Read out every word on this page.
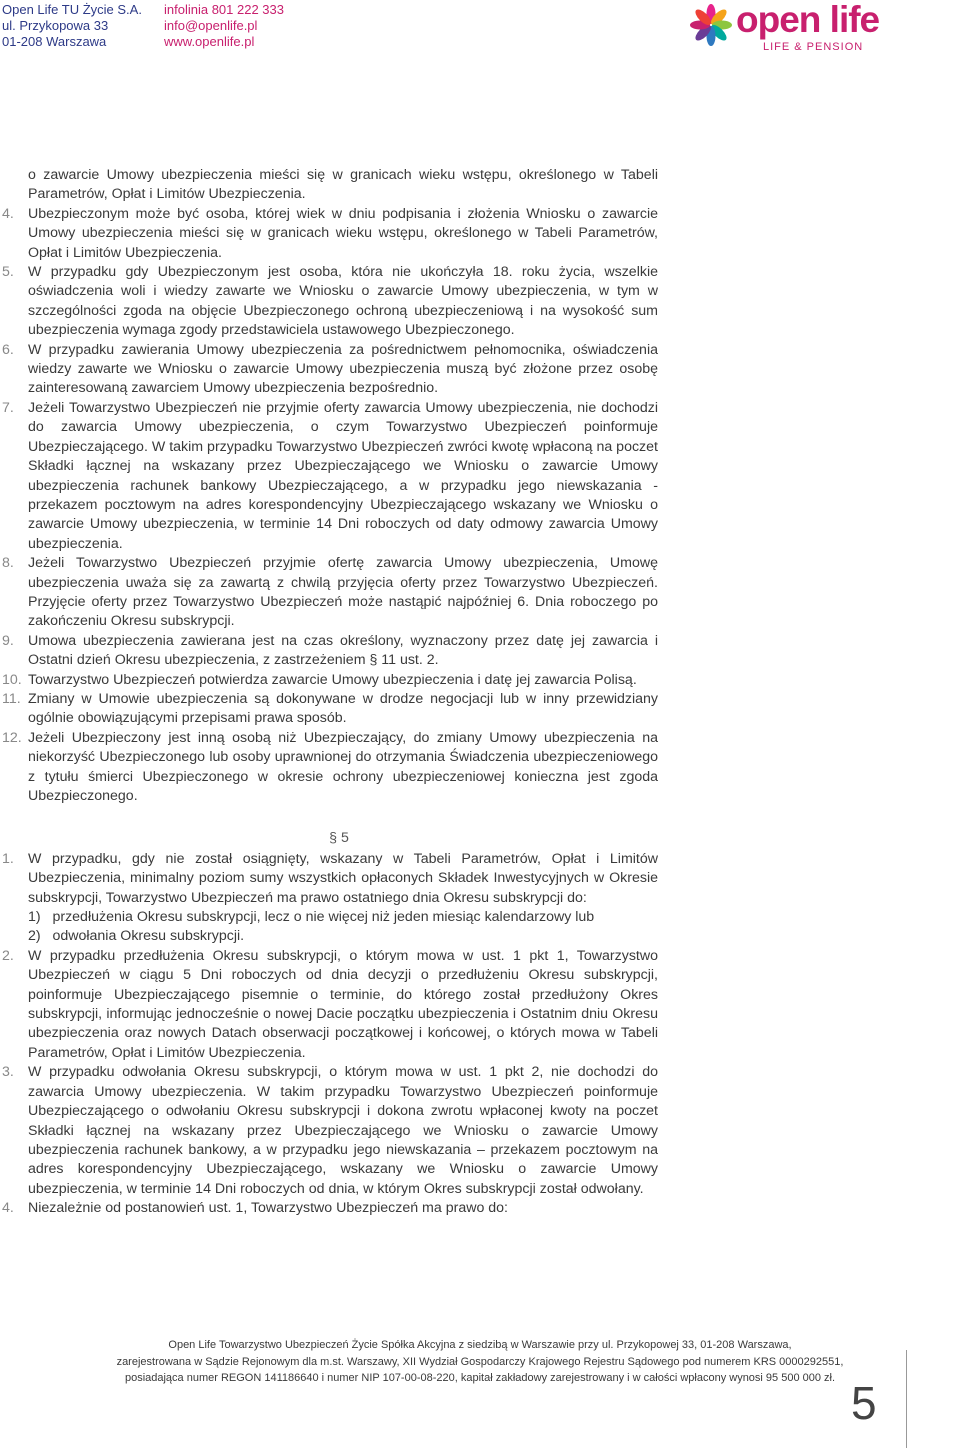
Open Life TU Życie S.A.
ul. Przykopowa 33
01-208 Warszawa
infolinia 801 222 333
info@openlife.pl
www.openlife.pl
open life
LIFE & PENSION

o zawarcie Umowy ubezpieczenia mieści się w granicach wieku wstępu, określonego w Tabeli Parametrów, Opłat i Limitów Ubezpieczenia.

4. Ubezpieczonym może być osoba, której wiek w dniu podpisania i złożenia Wniosku o zawarcie Umowy ubezpieczenia mieści się w granicach wieku wstępu, określonego w Tabeli Parametrów, Opłat i Limitów Ubezpieczenia.
5. W przypadku gdy Ubezpieczonym jest osoba, która nie ukończyła 18. roku życia, wszelkie oświadczenia woli i wiedzy zawarte we Wniosku o zawarcie Umowy ubezpieczenia, w tym w szczególności zgoda na objęcie Ubezpieczonego ochroną ubezpieczeniową i na wysokość sum ubezpieczenia wymaga zgody przedstawiciela ustawowego Ubezpieczonego.
6. W przypadku zawierania Umowy ubezpieczenia za pośrednictwem pełnomocnika, oświadczenia wiedzy zawarte we Wniosku o zawarcie Umowy ubezpieczenia muszą być złożone przez osobę zainteresowaną zawarciem Umowy ubezpieczenia bezpośrednio.
7. Jeżeli Towarzystwo Ubezpieczeń nie przyjmie oferty zawarcia Umowy ubezpieczenia, nie dochodzi do zawarcia Umowy ubezpieczenia, o czym Towarzystwo Ubezpieczeń poinformuje Ubezpieczającego. W takim przypadku Towarzystwo Ubezpieczeń zwróci kwotę wpłaconą na poczet Składki łącznej na wskazany przez Ubezpieczającego we Wniosku o zawarcie Umowy ubezpieczenia rachunek bankowy Ubezpieczającego, a w przypadku jego niewskazania - przekazem pocztowym na adres korespondencyjny Ubezpieczającego wskazany we Wniosku o zawarcie Umowy ubezpieczenia, w terminie 14 Dni roboczych od daty odmowy zawarcia Umowy ubezpieczenia.
8. Jeżeli Towarzystwo Ubezpieczeń przyjmie ofertę zawarcia Umowy ubezpieczenia, Umowę ubezpieczenia uważa się za zawartą z chwilą przyjęcia oferty przez Towarzystwo Ubezpieczeń. Przyjęcie oferty przez Towarzystwo Ubezpieczeń może nastąpić najpóźniej 6. Dnia roboczego po zakończeniu Okresu subskrypcji.
9. Umowa ubezpieczenia zawierana jest na czas określony, wyznaczony przez datę jej zawarcia i Ostatni dzień Okresu ubezpieczenia, z zastrzeżeniem § 11 ust. 2.
10. Towarzystwo Ubezpieczeń potwierdza zawarcie Umowy ubezpieczenia i datę jej zawarcia Polisą.
11. Zmiany w Umowie ubezpieczenia są dokonywane w drodze negocjacji lub w inny przewidziany ogólnie obowiązującymi przepisami prawa sposób.
12. Jeżeli Ubezpieczony jest inną osobą niż Ubezpieczający, do zmiany Umowy ubezpieczenia na niekorzyść Ubezpieczonego lub osoby uprawnionej do otrzymania Świadczenia ubezpieczeniowego z tytułu śmierci Ubezpieczonego w okresie ochrony ubezpieczeniowej konieczna jest zgoda Ubezpieczonego.
§ 5
1. W przypadku, gdy nie został osiągnięty, wskazany w Tabeli Parametrów, Opłat i Limitów Ubezpieczenia, minimalny poziom sumy wszystkich opłaconych Składek Inwestycyjnych w Okresie subskrypcji, Towarzystwo Ubezpieczeń ma prawo ostatniego dnia Okresu subskrypcji do:
1) przedłużenia Okresu subskrypcji, lecz o nie więcej niż jeden miesiąc kalendarzowy lub
2) odwołania Okresu subskrypcji.
2. W przypadku przedłużenia Okresu subskrypcji, o którym mowa w ust. 1 pkt 1, Towarzystwo Ubezpieczeń w ciągu 5 Dni roboczych od dnia decyzji o przedłużeniu Okresu subskrypcji, poinformuje Ubezpieczającego pisemnie o terminie, do którego został przedłużony Okres subskrypcji, informując jednocześnie o nowej Dacie początku ubezpieczenia i Ostatnim dniu Okresu ubezpieczenia oraz nowych Datach obserwacji początkowej i końcowej, o których mowa w Tabeli Parametrów, Opłat i Limitów Ubezpieczenia.
3. W przypadku odwołania Okresu subskrypcji, o którym mowa w ust. 1 pkt 2, nie dochodzi do zawarcia Umowy ubezpieczenia. W takim przypadku Towarzystwo Ubezpieczeń poinformuje Ubezpieczającego o odwołaniu Okresu subskrypcji i dokona zwrotu wpłaconej kwoty na poczet Składki łącznej na wskazany przez Ubezpieczającego we Wniosku o zawarcie Umowy ubezpieczenia rachunek bankowy, a w przypadku jego niewskazania – przekazem pocztowym na adres korespondencyjny Ubezpieczającego, wskazany we Wniosku o zawarcie Umowy ubezpieczenia, w terminie 14 Dni roboczych od dnia, w którym Okres subskrypcji został odwołany.
4. Niezależnie od postanowień ust. 1, Towarzystwo Ubezpieczeń ma prawo do:
Open Life Towarzystwo Ubezpieczeń Życie Spółka Akcyjna z siedzibą w Warszawie przy ul. Przykopowej 33, 01-208 Warszawa,
zarejestrowana w Sądzie Rejonowym dla m.st. Warszawy, XII Wydział Gospodarczy Krajowego Rejestru Sądowego pod numerem KRS 0000292551,
posiadająca numer REGON 141186640 i numer NIP 107-00-08-220, kapitał zakładowy zarejestrowany i w całości wpłacony wynosi 95 500 000 zł. 5
